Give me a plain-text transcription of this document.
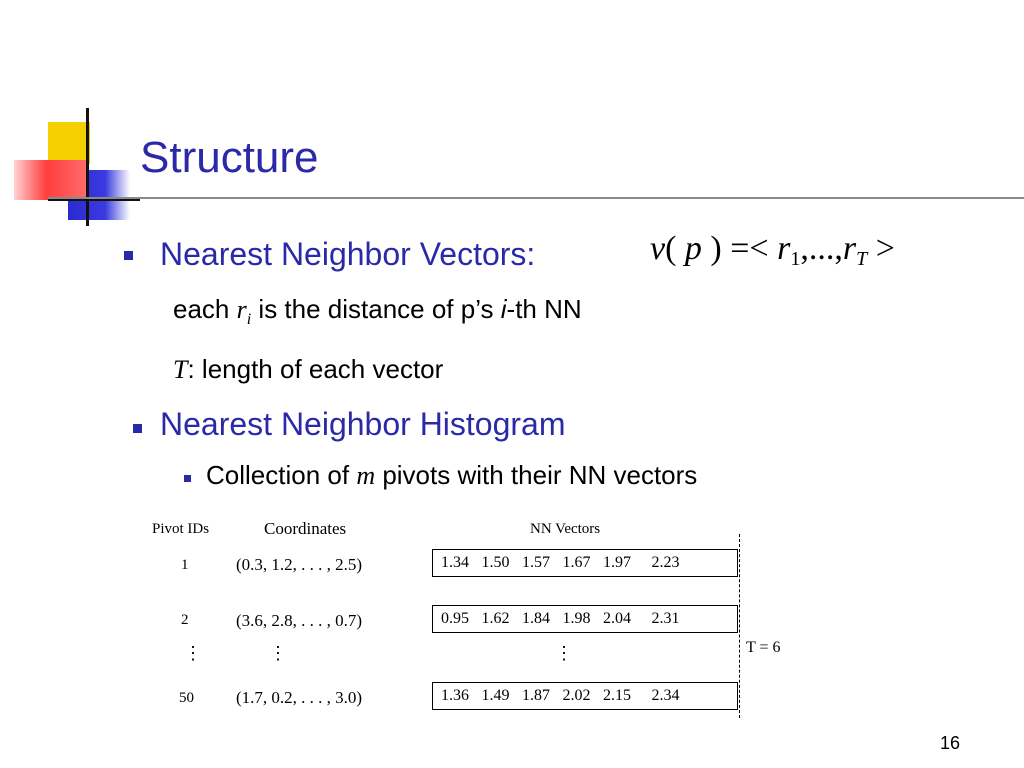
Structure
Nearest Neighbor Vectors:	v( p ) =< $r_1,...,r_T$ >
each $r_i$ is the distance of p’s i-th NN
T: length of each vector
Nearest Neighbor Histogram
Collection of m pivots with their NN vectors
Pivot IDs	Coordinates	NN Vectors
1	(0.3, 1.2, . . . , 2.5)	1.34 1.50 1.57 1.67 1.97 2.23
2	(3.6, 2.8, . . . , 0.7)	0.95 1.62 1.84 1.98 2.04 2.31
⋮	⋮	⋮
50 (1.7, 0.2, . . . , 3.0)	1.36 1.49 1.87 2.02 2.15 2.34
T = 6
16
